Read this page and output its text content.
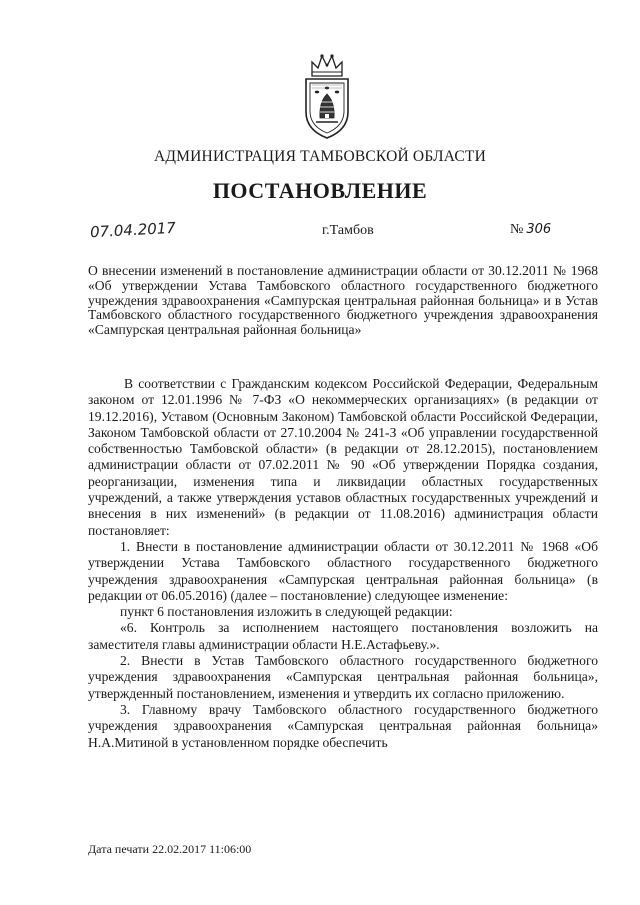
АДМИНИСТРАЦИЯ ТАМБОВСКОЙ ОБЛАСТИ
ПОСТАНОВЛЕНИЕ
07.04.2017	г.Тамбов	№ 306
О внесении изменений в постановление администрации области от 30.12.2011 № 1968 «Об утверждении Устава Тамбовского областного государственного бюджетного учреждения здравоохранения «Сампурская центральная районная больница» и в Устав Тамбовского областного государственного бюджетного учреждения здравоохранения «Сампурская центральная районная больница»

В соответствии с Гражданским кодексом Российской Федерации, Федеральным законом от 12.01.1996 № 7-ФЗ «О некоммерческих организациях» (в редакции от 19.12.2016), Уставом (Основным Законом) Тамбовской области Российской Федерации, Законом Тамбовской области от 27.10.2004 № 241-З «Об управлении государственной собственностью Тамбовской области» (в редакции от 28.12.2015), постановлением администрации области от 07.02.2011 № 90 «Об утверждении Порядка создания, реорганизации, изменения типа и ликвидации областных государственных учреждений, а также утверждения уставов областных государственных учреждений и внесения в них изменений» (в редакции от 11.08.2016) администрация области постановляет:

1. Внести в постановление администрации области от 30.12.2011 № 1968 «Об утверждении Устава Тамбовского областного государственного бюджетного учреждения здравоохранения «Сампурская центральная районная больница» (в редакции от 06.05.2016) (далее – постановление) следующее изменение:

пункт 6 постановления изложить в следующей редакции:

«6. Контроль за исполнением настоящего постановления возложить на заместителя главы администрации области Н.Е.Астафьеву.».

2. Внести в Устав Тамбовского областного государственного бюджетного учреждения здравоохранения «Сампурская центральная районная больница», утвержденный постановлением, изменения и утвердить их согласно приложению.

3. Главному врачу Тамбовского областного государственного бюджетного учреждения здравоохранения «Сампурская центральная районная больница» Н.А.Митиной в установленном порядке обеспечить

Дата печати 22.02.2017 11:06:00
